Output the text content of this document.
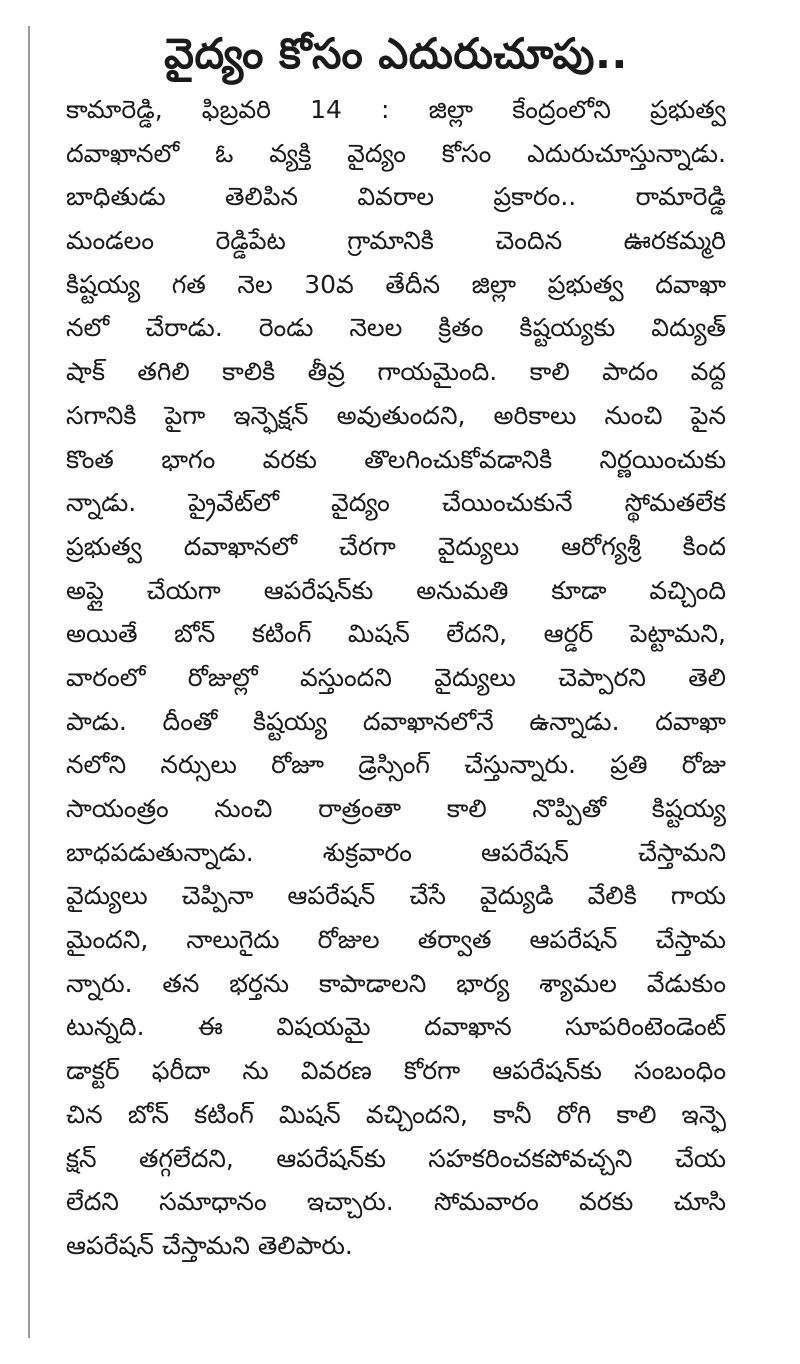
వైద్యం కోసం ఎదురుచూపు..
కామారెడ్డి, ఫిబ్రవరి 14 : జిల్లా కేంద్రంలోని ప్రభుత్వ
దవాఖానలో ఓ వ్యక్తి వైద్యం కోసం ఎదురుచూస్తున్నాడు.
బాధితుడు తెలిపిన వివరాల ప్రకారం.. రామారెడ్డి
మండలం రెడ్డిపేట గ్రామానికి చెందిన ఊరకమ్మరి
కిష్టయ్య గత నెల 30వ తేదీన జిల్లా ప్రభుత్వ దవాఖా
నలో చేరాడు. రెండు నెలల క్రితం కిష్టయ్యకు విద్యుత్
షాక్ తగిలి కాలికి తీవ్ర గాయమైంది. కాలి పాదం వద్ద
సగానికి పైగా ఇన్ఫెక్షన్ అవుతుందని, అరికాలు నుంచి పైన
కొంత భాగం వరకు తొలగించుకోవడానికి నిర్ణయించుకు
న్నాడు. ప్రైవేట్‌లో వైద్యం చేయించుకునే స్థోమతలేక
ప్రభుత్వ దవాఖానలో చేరగా వైద్యులు ఆరోగ్యశ్రీ కింద
అప్లై చేయగా ఆపరేషన్‌కు అనుమతి కూడా వచ్చింది
అయితే బోన్ కటింగ్ మిషన్ లేదని, ఆర్డర్ పెట్టామని,
వారంలో రోజుల్లో వస్తుందని వైద్యులు చెప్పారని తెలి
పాడు. దీంతో కిష్టయ్య దవాఖానలోనే ఉన్నాడు. దవాఖా
నలోని నర్సులు రోజూ డ్రెస్సింగ్ చేస్తున్నారు. ప్రతి రోజు
సాయంత్రం నుంచి రాత్రంతా కాలి నొప్పితో కిష్టయ్య
బాధపడుతున్నాడు. శుక్రవారం ఆపరేషన్ చేస్తామని
వైద్యులు చెప్పినా ఆపరేషన్ చేసే వైద్యుడి వేలికి గాయ
మైందని, నాలుగైదు రోజుల తర్వాత ఆపరేషన్ చేస్తామ
న్నారు. తన భర్తను కాపాడాలని భార్య శ్యామల వేడుకుం
టున్నది. ఈ విషయమై దవాఖాన సూపరింటెండెంట్
డాక్టర్ ఫరీదా ను వివరణ కోరగా ఆపరేషన్‌కు సంబంధిం
చిన బోన్ కటింగ్ మిషన్ వచ్చిందని, కానీ రోగి కాలి ఇన్ఫె
క్షన్ తగ్గలేదని, ఆపరేషన్‌కు సహకరించకపోవచ్చని చేయ
లేదని సమాధానం ఇచ్చారు. సోమవారం వరకు చూసి
ఆపరేషన్ చేస్తామని తెలిపారు.
